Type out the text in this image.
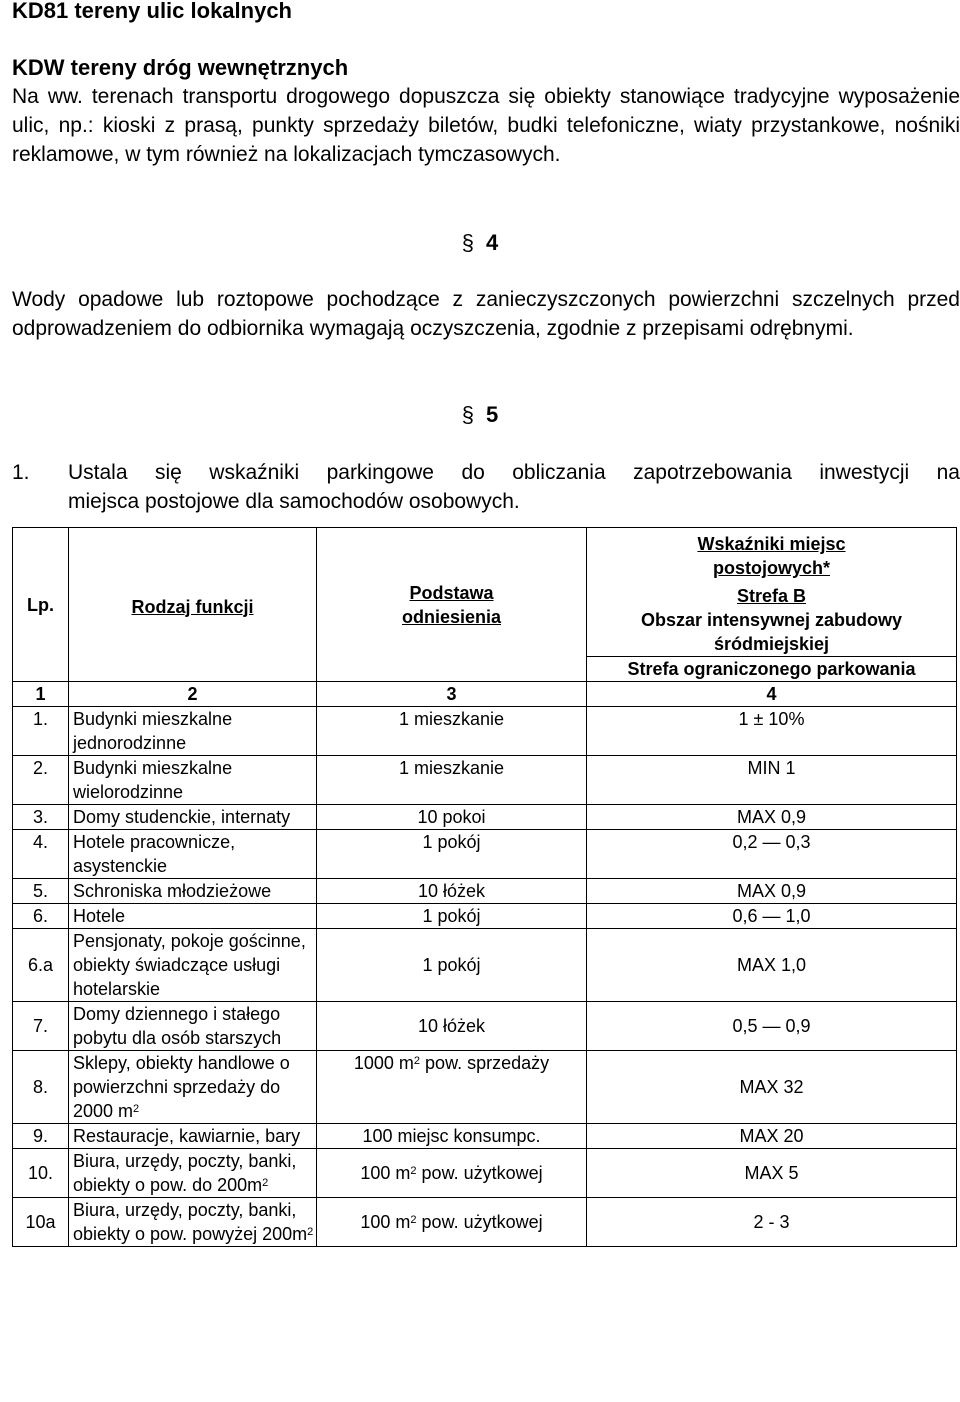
KD81 tereny ulic lokalnych
KDW tereny dróg wewnętrznych

Na ww. terenach transportu drogowego dopuszcza się obiekty stanowiące tradycyjne wyposażenie ulic, np.: kioski z prasą, punkty sprzedaży biletów, budki telefoniczne, wiaty przystankowe, nośniki reklamowe, w tym również na lokalizacjach tymczasowych.

§ 4

Wody opadowe lub roztopowe pochodzące z zanieczyszczonych powierzchni szczelnych przed odprowadzeniem do odbiornika wymagają oczyszczenia, zgodnie z przepisami odrębnymi.

§ 5
1. Ustala się wskaźniki parkingowe do obliczania zapotrzebowania inwestycji na
miejsca postojowe dla samochodów osobowych.
Lp.	Rodzaj funkcji	Podstawa odniesienia	Wskaźniki miejsc postojowych*
Strefa B
Obszar intensywnej zabudowy śródmiejskiej
Strefa ograniczonego parkowania

1	2	3	4
1.	Budynki mieszkalne jednorodzinne	1 mieszkanie	1 ± 10%
2.	Budynki mieszkalne wielorodzinne	1 mieszkanie	MIN 1
3.	Domy studenckie, internaty	10 pokoi	MAX 0,9
4.	Hotele pracownicze, asystenckie	1 pokój	0,2 — 0,3
5.	Schroniska młodzieżowe	10 łóżek	MAX 0,9
6.	Hotele	1 pokój	0,6 — 1,0
6.a	Pensjonaty, pokoje gościnne, obiekty świadczące usługi hotelarskie	1 pokój	MAX 1,0
7.	Domy dziennego i stałego pobytu dla osób starszych	10 łóżek	0,5 — 0,9
8.	Sklepy, obiekty handlowe o powierzchni sprzedaży do 2000 $m^2$	1000 $m^2$ pow. sprzedaży	MAX 32
9.	Restauracje, kawiarnie, bary	100 miejsc konsumpc.	MAX 20
10.	Biura, urzędy, poczty, banki, obiekty o pow. do $200m^2$	100 $m^2$ pow. użytkowej	MAX 5
10a	Biura, urzędy, poczty, banki, obiekty o pow. powyżej $200m^2$	100 $m^2$ pow. użytkowej	2 - 3
